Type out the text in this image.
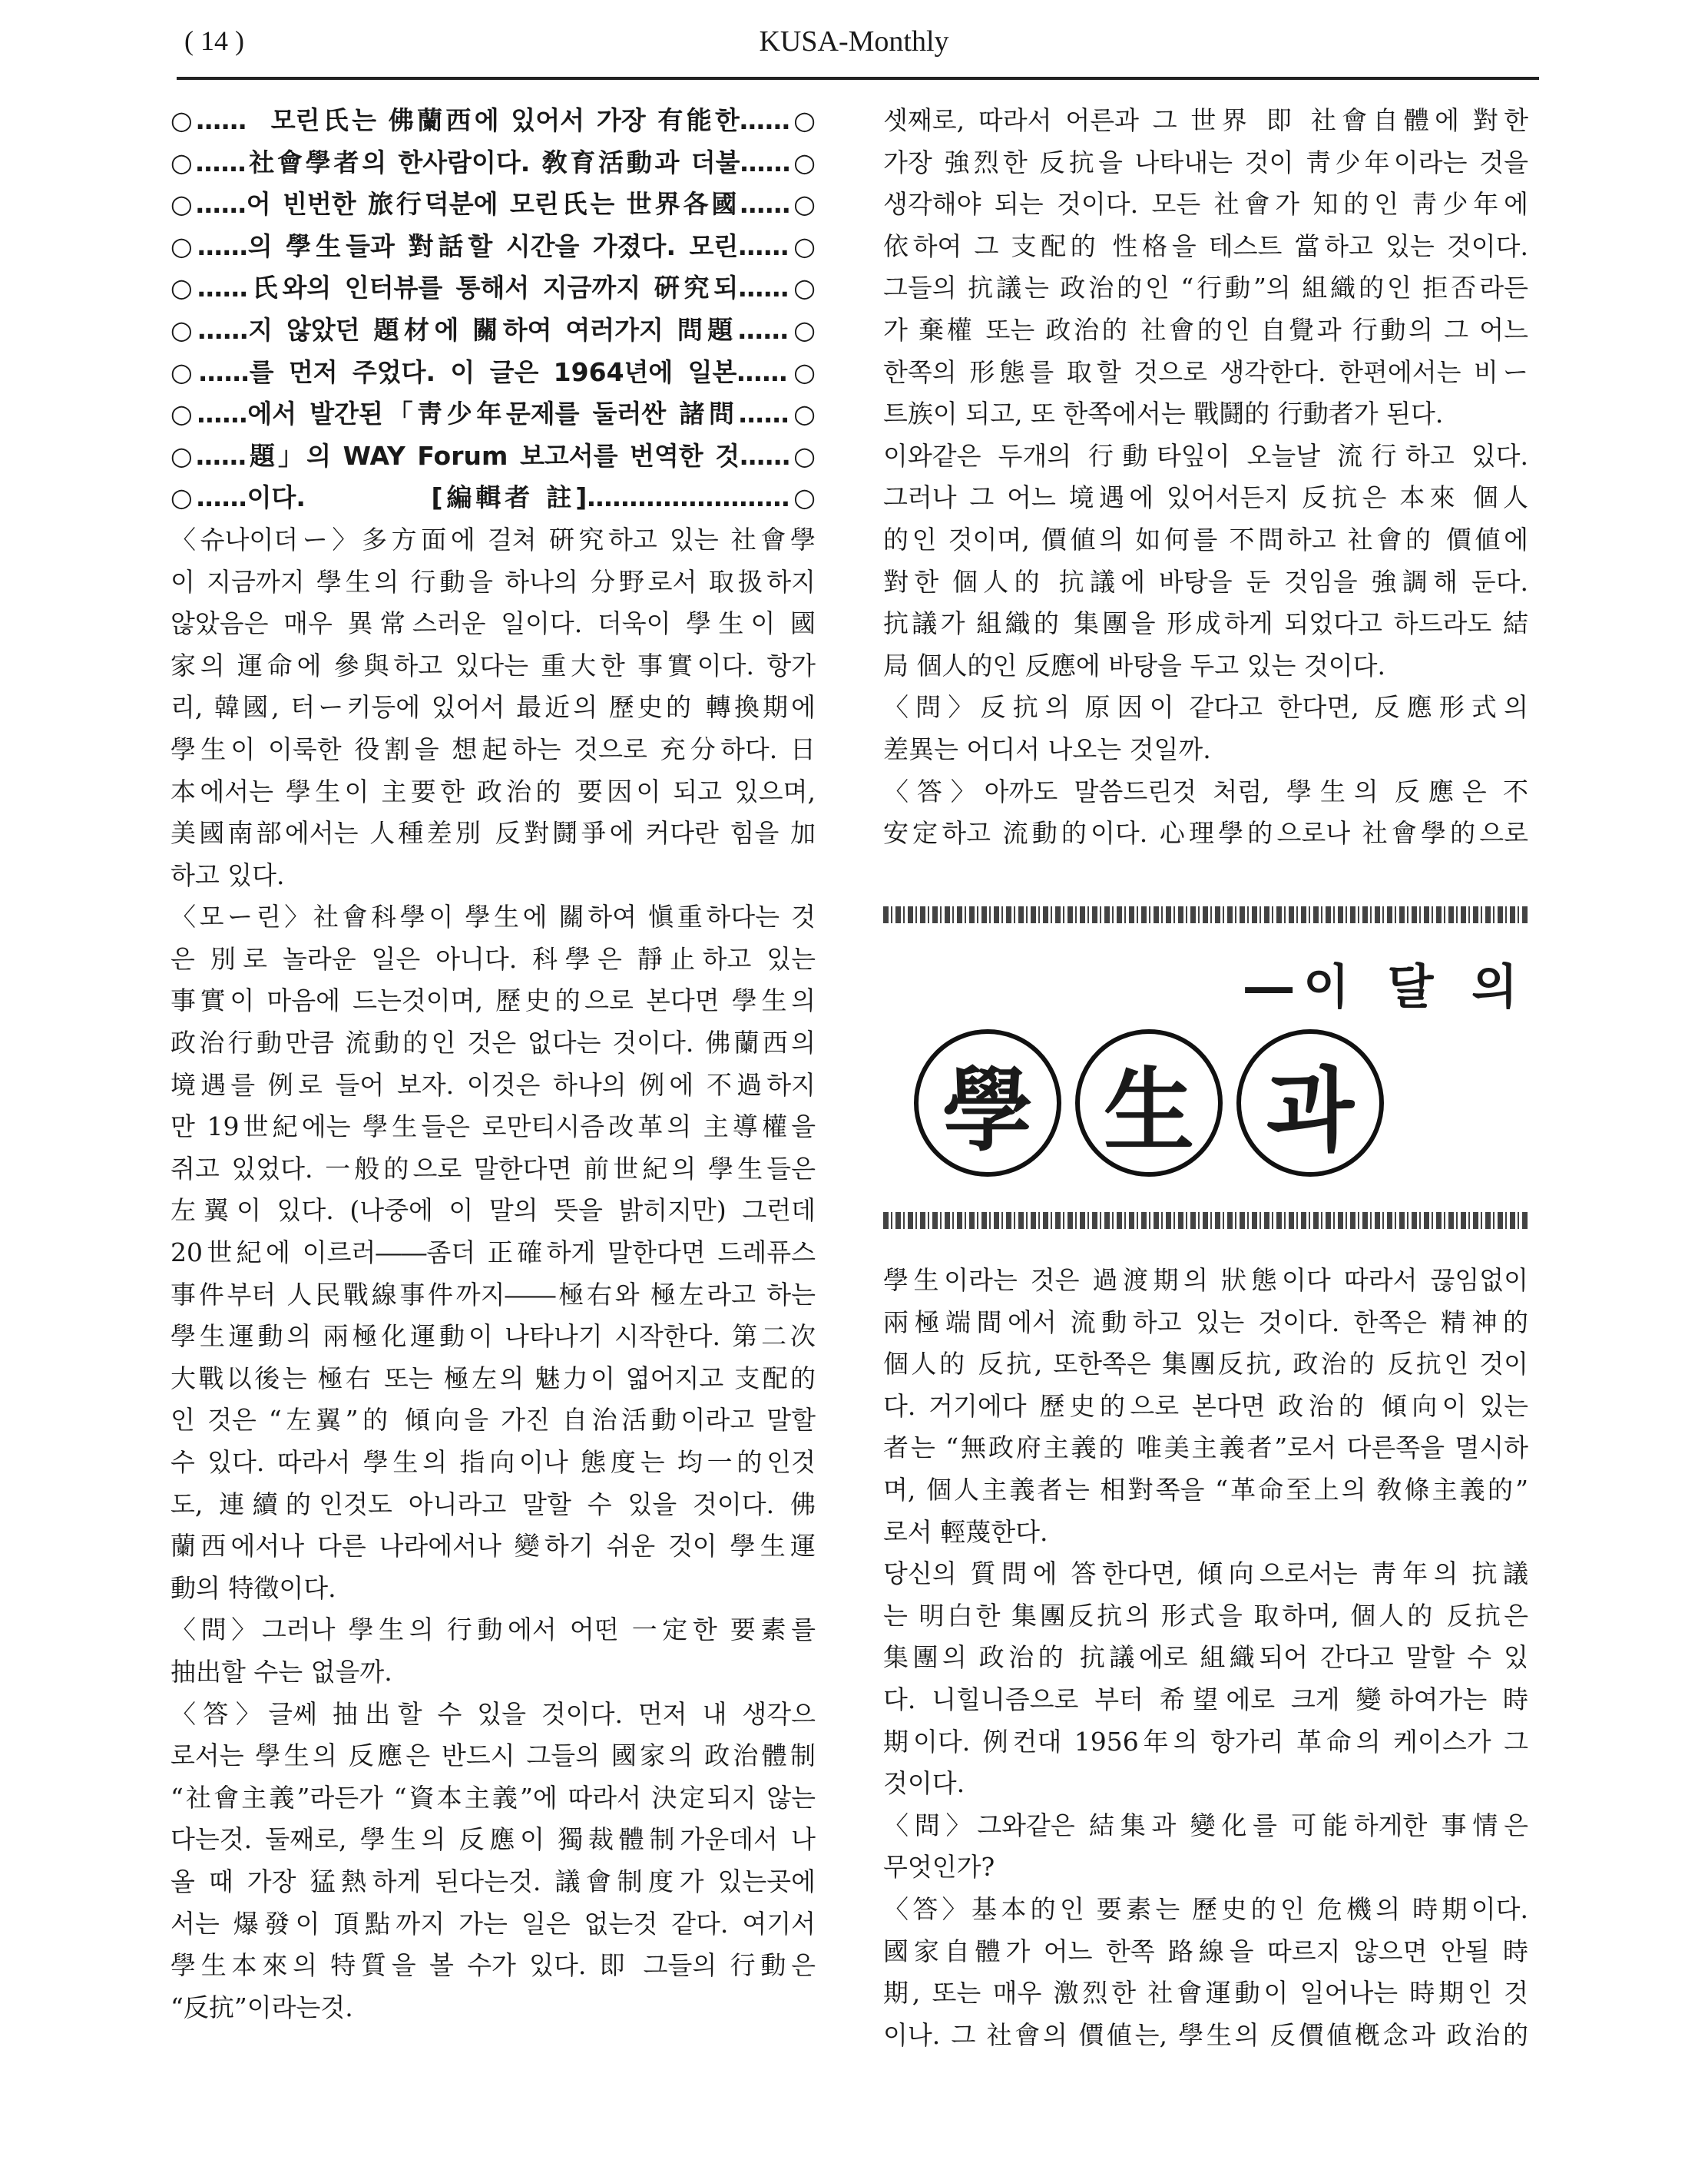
( 14 )	KUSA-Monthly
○……  모린氏는 佛蘭西에 있어서 가장 有能한……○
○……社會學者의 한사람이다. 敎育活動과 더불……○
○……어 빈번한 旅行덕분에 모린氏는 世界各國……○
○……의 學生들과 對話할 시간을 가졌다. 모린……○
○……氏와의 인터뷰를 통해서 지금까지 硏究되……○
○……지 않았던 題材에 關하여 여러가지 問題……○
○……를 먼저 주었다. 이 글은 1964년에 일본……○
○……에서 발간된「靑少年문제를 둘러싼 諸問……○
○……題」의 WAY Forum 보고서를 번역한 것……○
○……이다.          [編輯者 註]……………………○
〈슈나이더ー〉多方面에 걸쳐 硏究하고 있는 社會學
이 지금까지 學生의 行動을 하나의 分野로서 取扱하지
않았음은 매우 異常스러운 일이다. 더욱이 學生이 國
家의 運命에 參與하고 있다는 重大한 事實이다. 항가
리, 韓國, 터ー키등에 있어서 最近의 歷史的 轉換期에
學生이 이룩한 役割을 想起하는 것으로 充分하다. 日
本에서는 學生이 主要한 政治的 要因이 되고 있으며,
美國南部에서는 人種差別 反對鬪爭에 커다란 힘을 加
하고 있다.
〈모ー린〉社會科學이 學生에 關하여 愼重하다는 것
은 別로 놀라운 일은 아니다. 科學은 靜止하고 있는
事實이 마음에 드는것이며, 歷史的으로 본다면 學生의
政治行動만큼 流動的인 것은 없다는 것이다. 佛蘭西의
境遇를 例로 들어 보자. 이것은 하나의 例에 不過하지
만 19世紀에는 學生들은 로만티시즘改革의 主導權을
쥐고 있었다. 一般的으로 말한다면 前世紀의 學生들은
左翼이 있다. (나중에 이 말의 뜻을 밝히지만) 그런데
20世紀에 이르러――좀더 正確하게 말한다면 드레퓨스
事件부터 人民戰線事件까지――極右와 極左라고 하는
學生運動의 兩極化運動이 나타나기 시작한다. 第二次
大戰以後는 極右 또는 極左의 魅力이 엷어지고 支配的
인 것은 “左翼”的 傾向을 가진 自治活動이라고 말할
수 있다. 따라서 學生의 指向이나 態度는 均一的인것
도, 連續的인것도 아니라고 말할 수 있을 것이다. 佛
蘭西에서나 다른 나라에서나 變하기 쉬운 것이 學生運
動의 特徵이다.
〈問〉그러나 學生의 行動에서 어떤 一定한 要素를
抽出할 수는 없을까.
〈答〉글쎄 抽出할 수 있을 것이다. 먼저 내 생각으
로서는 學生의 反應은 반드시 그들의 國家의 政治體制
“社會主義”라든가 “資本主義”에 따라서 決定되지 않는
다는것. 둘째로, 學生의 反應이 獨裁體制가운데서 나
올 때 가장 猛熱하게 된다는것. 議會制度가 있는곳에
서는 爆發이 頂點까지 가는 일은 없는것 같다. 여기서
學生本來의 特質을 볼 수가 있다. 即 그들의 行動은
“反抗”이라는것.
셋째로, 따라서 어른과 그 世界 即 社會自體에 對한
가장 強烈한 反抗을 나타내는 것이 靑少年이라는 것을
생각해야 되는 것이다. 모든 社會가 知的인 靑少年에
依하여 그 支配的 性格을 테스트 當하고 있는 것이다.
그들의 抗議는 政治的인 “行動”의 組織的인 拒否라든
가 棄權 또는 政治的 社會的인 自覺과 行動의 그 어느
한쪽의 形態를 取할 것으로 생각한다. 한편에서는 비ー
트族이 되고, 또 한쪽에서는 戰鬪的 行動者가 된다.
이와같은 두개의 行動타잎이 오늘날 流行하고 있다.
그러나 그 어느 境遇에 있어서든지 反抗은 本來 個人
的인 것이며, 價値의 如何를 不問하고 社會的 價値에
對한 個人的 抗議에 바탕을 둔 것임을 強調해 둔다.
抗議가 組織的 集團을 形成하게 되었다고 하드라도 結
局 個人的인 反應에 바탕을 두고 있는 것이다.
〈問〉反抗의 原因이 같다고 한다면, 反應形式의
差異는 어디서 나오는 것일까.
〈答〉아까도 말씀드린것 처럼, 學生의 反應은 不
安定하고 流動的이다. 心理學的으로나 社會學的으로
―이 달 의
學 生 과
學生이라는 것은 過渡期의 狀態이다 따라서 끊임없이
兩極端間에서 流動하고 있는 것이다. 한쪽은 精神的
個人的 反抗, 또한쪽은 集團反抗, 政治的 反抗인 것이
다. 거기에다 歷史的으로 본다면 政治的 傾向이 있는
者는 “無政府主義的 唯美主義者”로서 다른쪽을 멸시하
며, 個人主義者는 相對쪽을 “革命至上의 敎條主義的”
로서 輕蔑한다.
당신의 質問에 答한다면, 傾向으로서는 靑年의 抗議
는 明白한 集團反抗의 形式을 取하며, 個人的 反抗은
集團의 政治的 抗議에로 組織되어 간다고 말할 수 있
다. 니힐니즘으로 부터 希望에로 크게 變하여가는 時
期이다. 例컨대 1956年의 항가리 革命의 케이스가 그
것이다.
〈問〉그와같은 結集과 變化를 可能하게한 事情은
무엇인가?
〈答〉基本的인 要素는 歷史的인 危機의 時期이다.
國家自體가 어느 한쪽 路線을 따르지 않으면 안될 時
期, 또는 매우 激烈한 社會運動이 일어나는 時期인 것
이나. 그 社會의 價値는, 學生의 反價値槪念과 政治的
